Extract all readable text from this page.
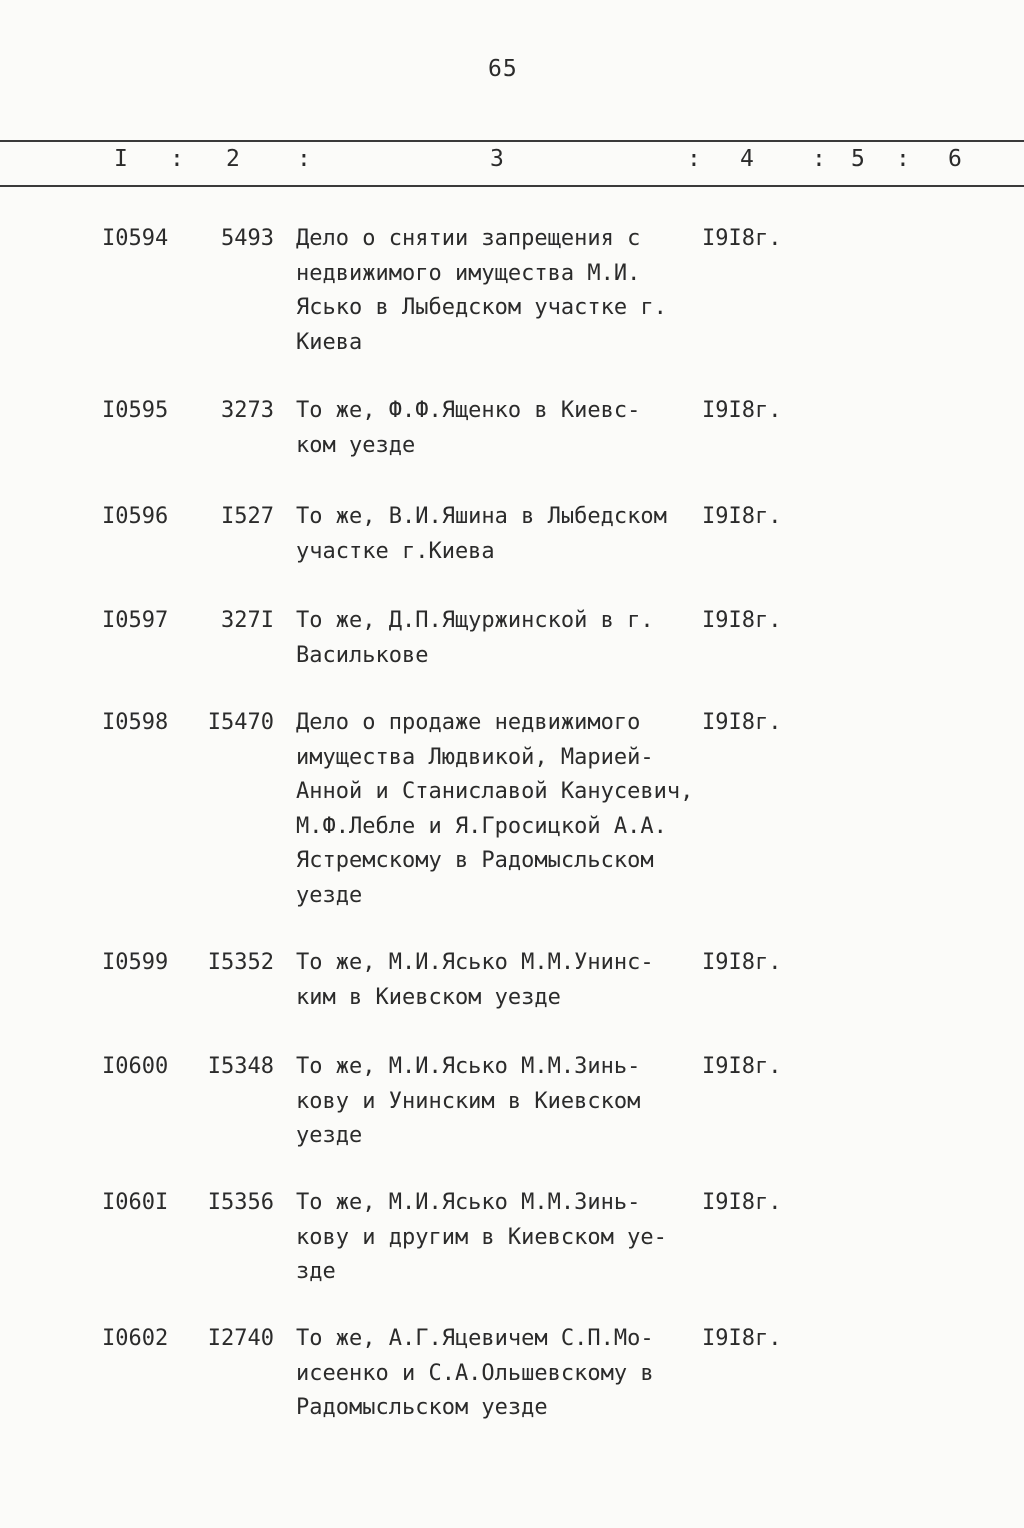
65
I : 2 :	3	: 4	: 5 : 6
I0594	5493 Дело о снятии запрещения с
недвижимого имущества М.И.
Ясько в Лыбедском участке г.
Киева
I9I8г.
I0595	3273 То же, Ф.Ф.Ященко в Киевс-
ком уезде
I9I8г.
I0596	I527 То же, В.И.Яшина в Лыбедском
участке г.Киева
I9I8г.
I0597	327I То же, Д.П.Ящуржинской в г.
Василькове
I9I8г.
I0598	I5470 Дело о продаже недвижимого
имущества Людвикой, Марией-
Анной и Станиславой Канусевич,
М.Ф.Лебле и Я.Гросицкой А.А.
Ястремскому в Радомысльском
уезде
I9I8г.
I0599	I5352 То же, М.И.Ясько М.М.Унинс-
ким в Киевском уезде
I9I8г.
I0600	I5348 То же, М.И.Ясько М.М.Зинь-
кову и Унинским в Киевском
уезде
I9I8г.
I060I	I5356 То же, М.И.Ясько М.М.Зинь-
кову и другим в Киевском уе-
зде
I9I8г.
I0602	I2740 То же, А.Г.Яцевичем С.П.Мо-
исеенко и С.А.Ольшевскому в
Радомысльском уезде
I9I8г.
